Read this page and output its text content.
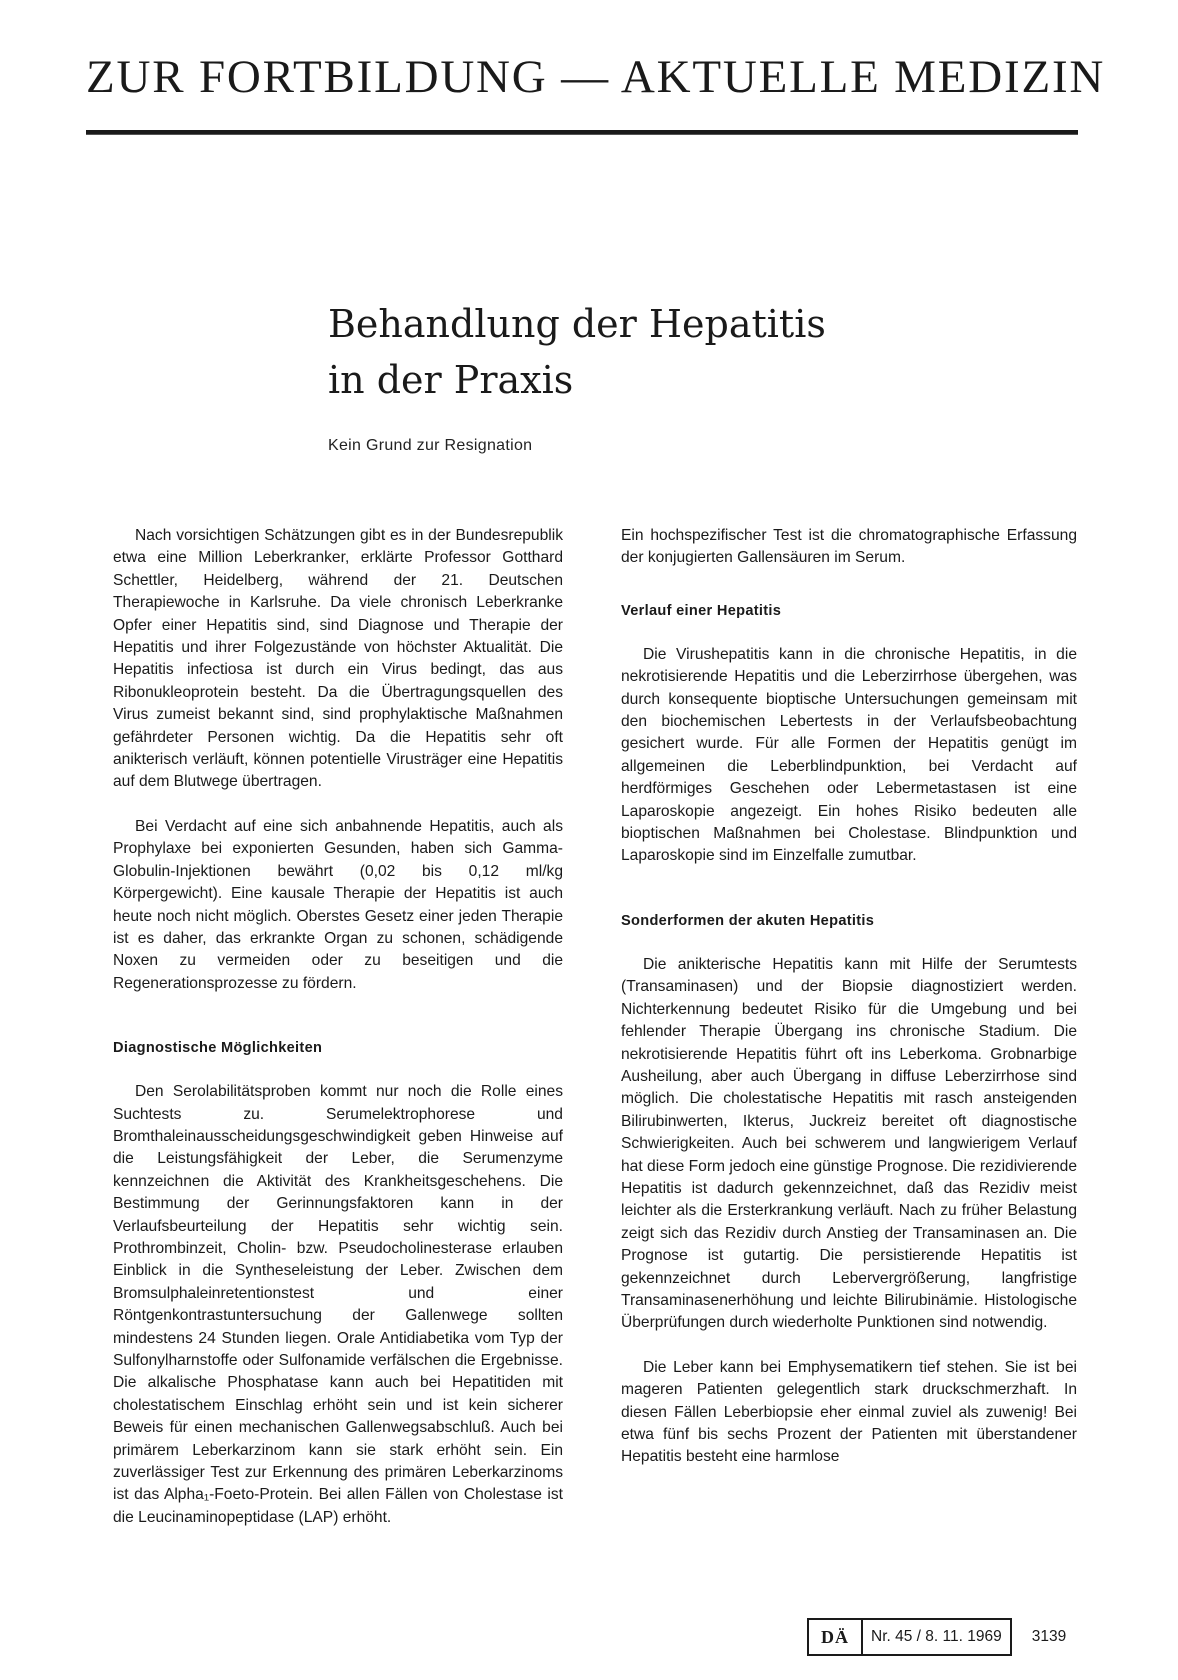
ZUR FORTBILDUNG — AKTUELLE MEDIZIN
Behandlung der Hepatitis
in der Praxis

Kein Grund zur Resignation

Nach vorsichtigen Schätzungen gibt es in der Bundesrepublik etwa eine Million Leberkranker, erklärte Professor Gotthard Schettler, Heidelberg, während der 21. Deutschen Therapiewoche in Karlsruhe. Da viele chronisch Leberkranke Opfer einer Hepatitis sind, sind Diagnose und Therapie der Hepatitis und ihrer Folgezustände von höchster Aktualität. Die Hepatitis infectiosa ist durch ein Virus bedingt, das aus Ribonukleoprotein besteht. Da die Übertragungsquellen des Virus zumeist bekannt sind, sind prophylaktische Maßnahmen gefährdeter Personen wichtig. Da die Hepatitis sehr oft anikterisch verläuft, können potentielle Virusträger eine Hepatitis auf dem Blutwege übertragen.

Bei Verdacht auf eine sich anbahnende Hepatitis, auch als Prophylaxe bei exponierten Gesunden, haben sich Gamma-Globulin-Injektionen bewährt (0,02 bis 0,12 ml/kg Körpergewicht). Eine kausale Therapie der Hepatitis ist auch heute noch nicht möglich. Oberstes Gesetz einer jeden Therapie ist es daher, das erkrankte Organ zu schonen, schädigende Noxen zu vermeiden oder zu beseitigen und die Regenerationsprozesse zu fördern.

Diagnostische Möglichkeiten

Den Serolabilitätsproben kommt nur noch die Rolle eines Suchtests zu. Serumelektrophorese und Bromthaleinausscheidungsgeschwindigkeit geben Hinweise auf die Leistungsfähigkeit der Leber, die Serumenzyme kennzeichnen die Aktivität des Krankheitsgeschehens. Die Bestimmung der Gerinnungsfaktoren kann in der Verlaufsbeurteilung der Hepatitis sehr wichtig sein. Prothrombinzeit, Cholin- bzw. Pseudocholinesterase erlauben Einblick in die Syntheseleistung der Leber. Zwischen dem Bromsulphaleinretentionstest und einer Röntgenkontrastuntersuchung der Gallenwege sollten mindestens 24 Stunden liegen. Orale Antidiabetika vom Typ der Sulfonylharnstoffe oder Sulfonamide verfälschen die Ergebnisse. Die alkalische Phosphatase kann auch bei Hepatitiden mit cholestatischem Einschlag erhöht sein und ist kein sicherer Beweis für einen mechanischen Gallenwegsabschluß. Auch bei primärem Leberkarzinom kann sie stark erhöht sein. Ein zuverlässiger Test zur Erkennung des primären Leberkarzinoms ist das Alpha₁-Foeto-Protein. Bei allen Fällen von Cholestase ist die Leucinaminopeptidase (LAP) erhöht.

Ein hochspezifischer Test ist die chromatographische Erfassung der konjugierten Gallensäuren im Serum.

Verlauf einer Hepatitis

Die Virushepatitis kann in die chronische Hepatitis, in die nekrotisierende Hepatitis und die Leberzirrhose übergehen, was durch konsequente bioptische Untersuchungen gemeinsam mit den biochemischen Lebertests in der Verlaufsbeobachtung gesichert wurde. Für alle Formen der Hepatitis genügt im allgemeinen die Leberblindpunktion, bei Verdacht auf herdförmiges Geschehen oder Lebermetastasen ist eine Laparoskopie angezeigt. Ein hohes Risiko bedeuten alle bioptischen Maßnahmen bei Cholestase. Blindpunktion und Laparoskopie sind im Einzelfalle zumutbar.

Sonderformen der akuten Hepatitis

Die anikterische Hepatitis kann mit Hilfe der Serumtests (Transaminasen) und der Biopsie diagnostiziert werden. Nichterkennung bedeutet Risiko für die Umgebung und bei fehlender Therapie Übergang ins chronische Stadium. Die nekrotisierende Hepatitis führt oft ins Leberkoma. Grobnarbige Ausheilung, aber auch Übergang in diffuse Leberzirrhose sind möglich. Die cholestatische Hepatitis mit rasch ansteigenden Bilirubinwerten, Ikterus, Juckreiz bereitet oft diagnostische Schwierigkeiten. Auch bei schwerem und langwierigem Verlauf hat diese Form jedoch eine günstige Prognose. Die rezidivierende Hepatitis ist dadurch gekennzeichnet, daß das Rezidiv meist leichter als die Ersterkrankung verläuft. Nach zu früher Belastung zeigt sich das Rezidiv durch Anstieg der Transaminasen an. Die Prognose ist gutartig. Die persistierende Hepatitis ist gekennzeichnet durch Lebervergrößerung, langfristige Transaminasenerhöhung und leichte Bilirubinämie. Histologische Überprüfungen durch wiederholte Punktionen sind notwendig.

Die Leber kann bei Emphysematikern tief stehen. Sie ist bei mageren Patienten gelegentlich stark druckschmerzhaft. In diesen Fällen Leberbiopsie eher einmal zuviel als zuwenig! Bei etwa fünf bis sechs Prozent der Patienten mit überstandener Hepatitis besteht eine harmlose

DÄ	Nr. 45 / 8. 11. 1969	3139
